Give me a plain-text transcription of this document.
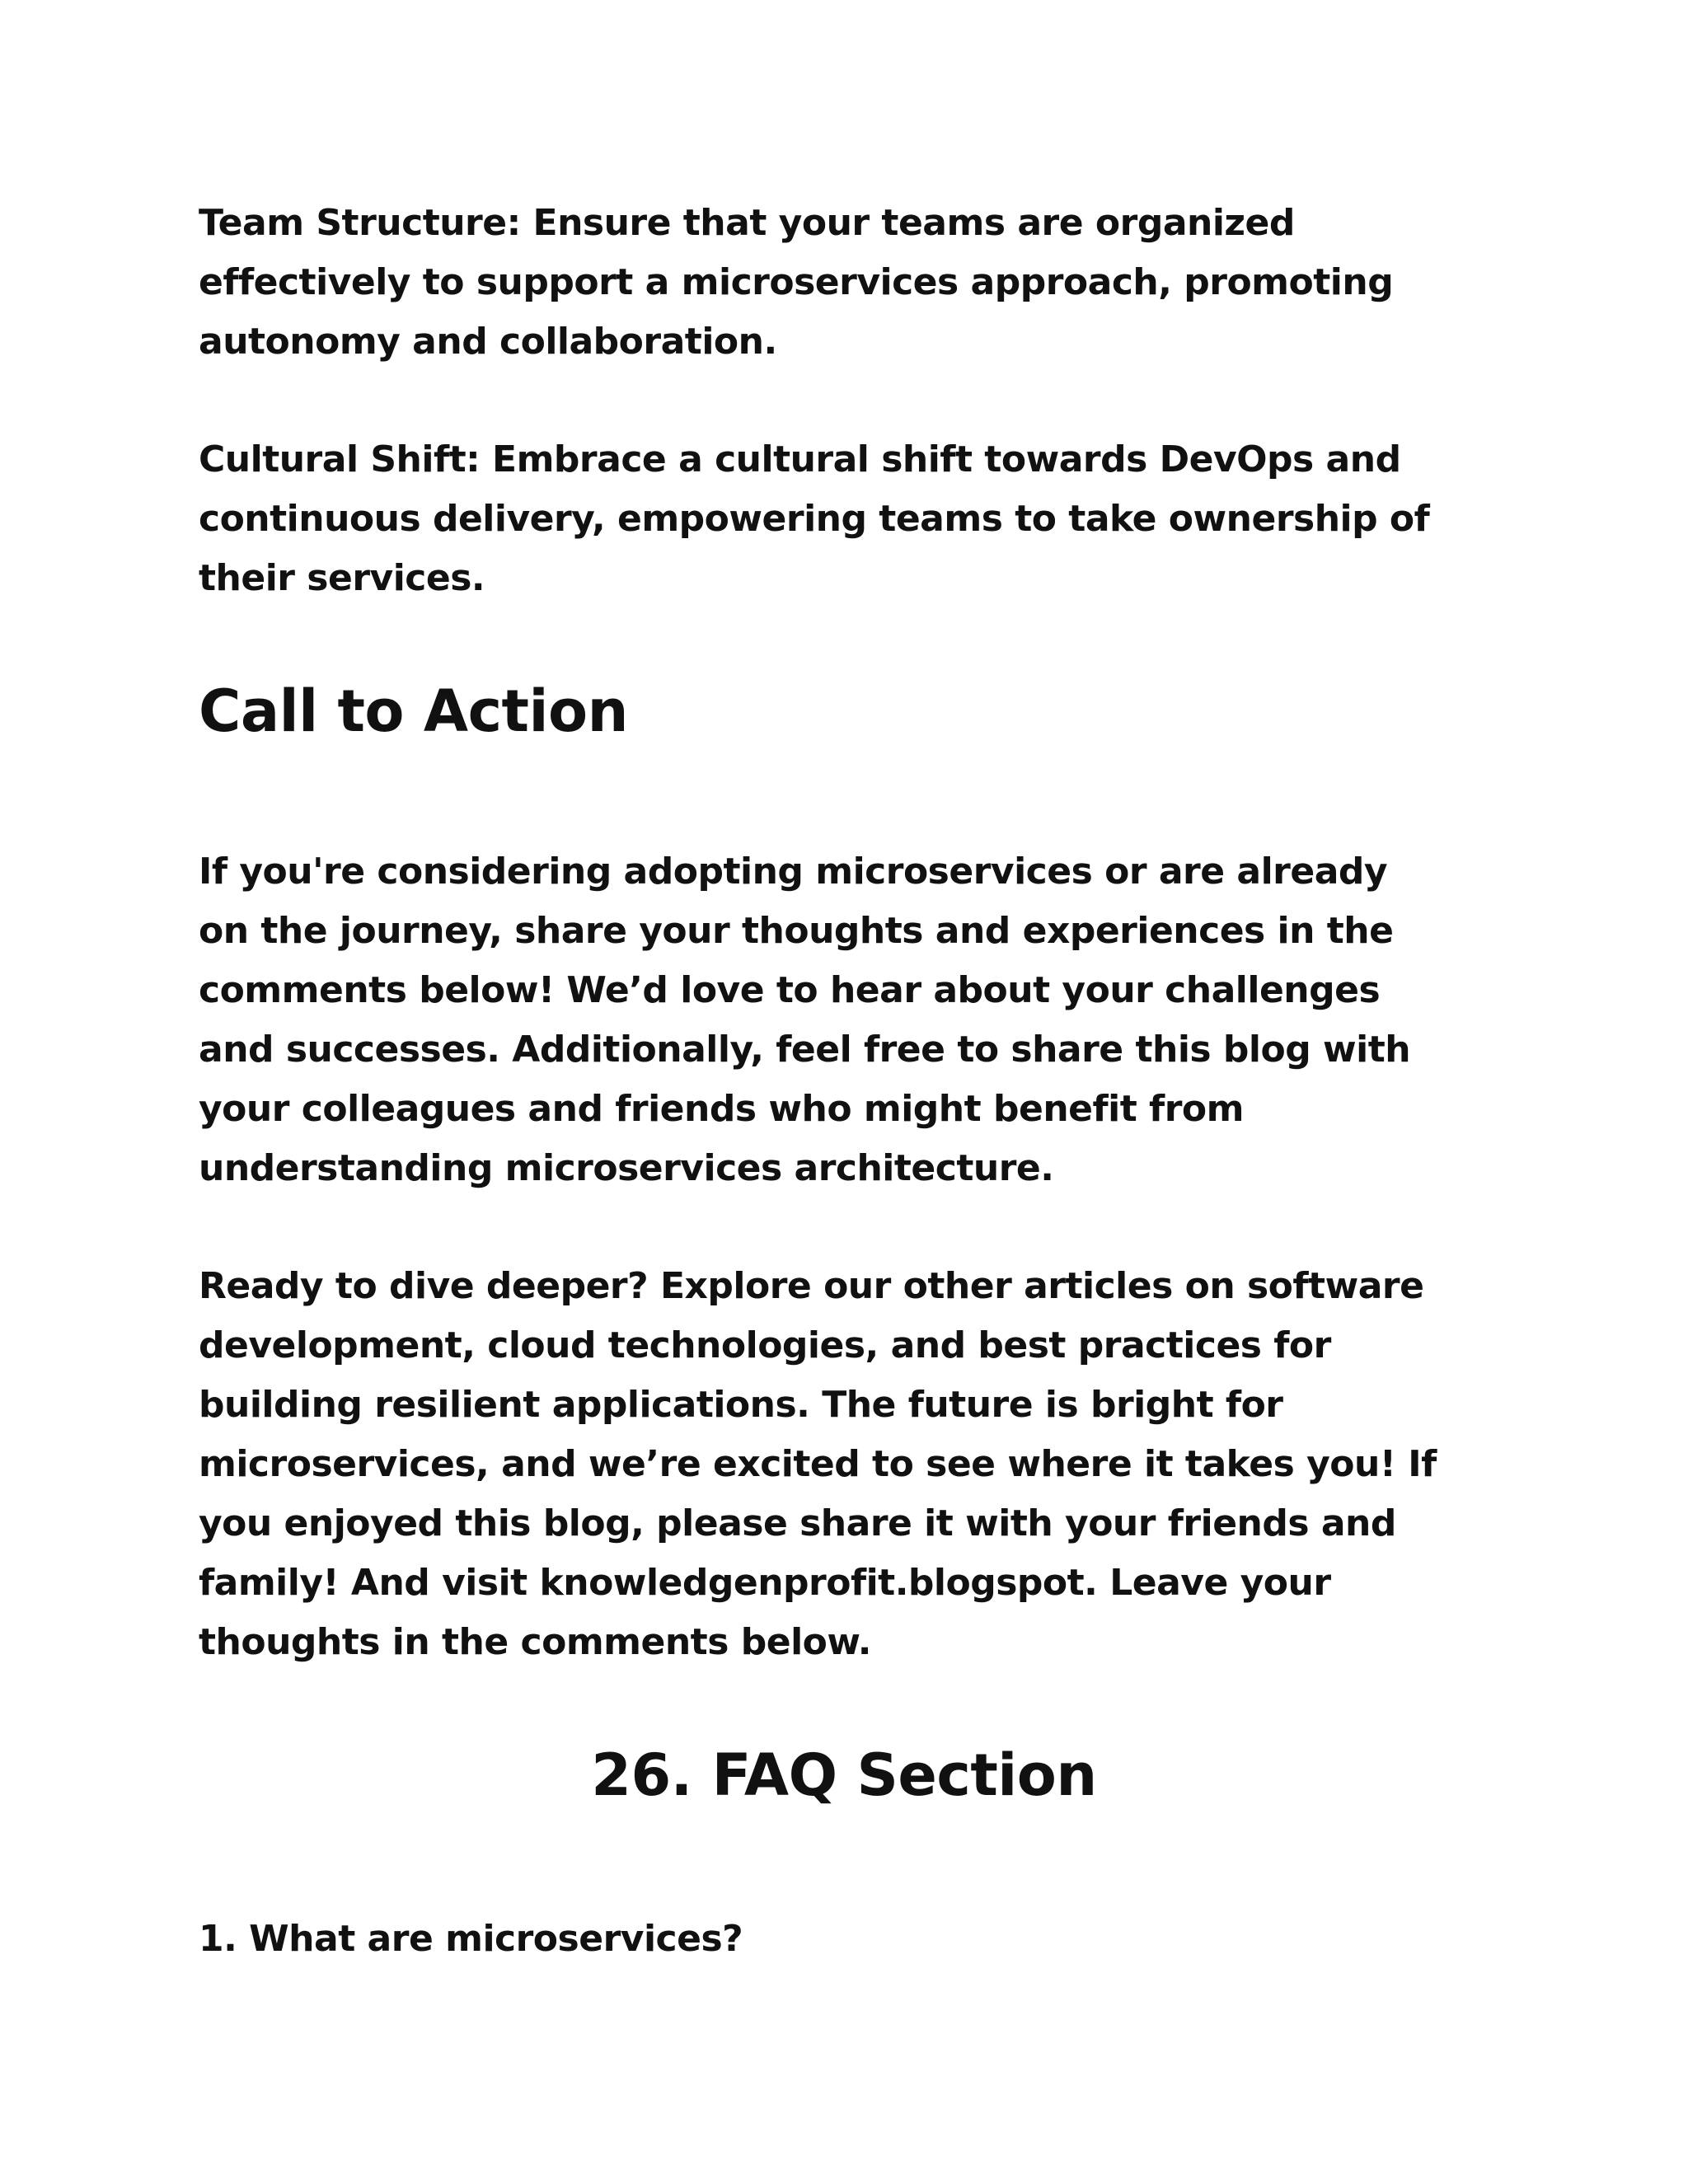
Team Structure: Ensure that your teams are organized
effectively to support a microservices approach, promoting
autonomy and collaboration.

Cultural Shift: Embrace a cultural shift towards DevOps and
continuous delivery, empowering teams to take ownership of
their services.

Call to Action

If you're considering adopting microservices or are already
on the journey, share your thoughts and experiences in the
comments below! We’d love to hear about your challenges
and successes. Additionally, feel free to share this blog with
your colleagues and friends who might benefit from
understanding microservices architecture.

Ready to dive deeper? Explore our other articles on software
development, cloud technologies, and best practices for
building resilient applications. The future is bright for
microservices, and we’re excited to see where it takes you! If
you enjoyed this blog, please share it with your friends and
family! And visit knowledgenprofit.blogspot. Leave your
thoughts in the comments below.

26. FAQ Section

1. What are microservices?
